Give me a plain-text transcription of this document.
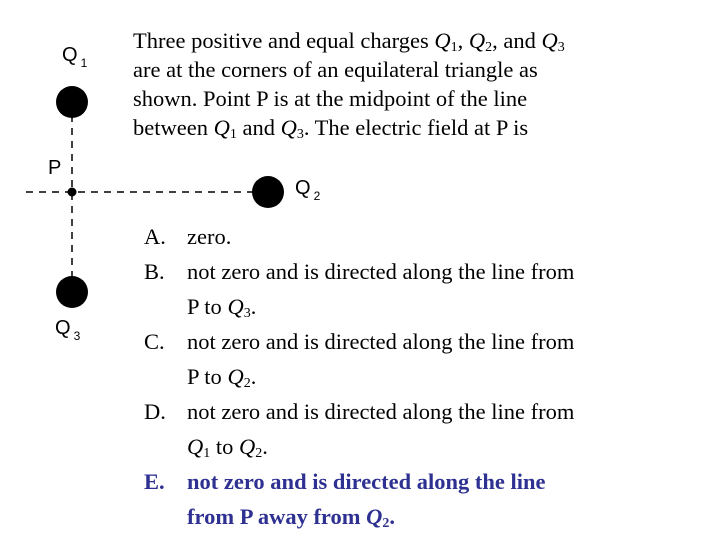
Q $_1$
P
Q $_2$
Q $_3$

Three positive and equal charges $Q_1$, $Q_2$, and $Q_3$

are at the corners of an equilateral triangle as

shown. Point P is at the midpoint of the line

between $Q_1$ and $Q_3$. The electric field at P is

A. zero.
B. not zero and is directed along the line from
P to $Q_3$.
C. not zero and is directed along the line from
P to $Q_2$.
D. not zero and is directed along the line from
$Q_1$ to $Q_2$.
E. not zero and is directed along the line
from P away from $Q_2$.
